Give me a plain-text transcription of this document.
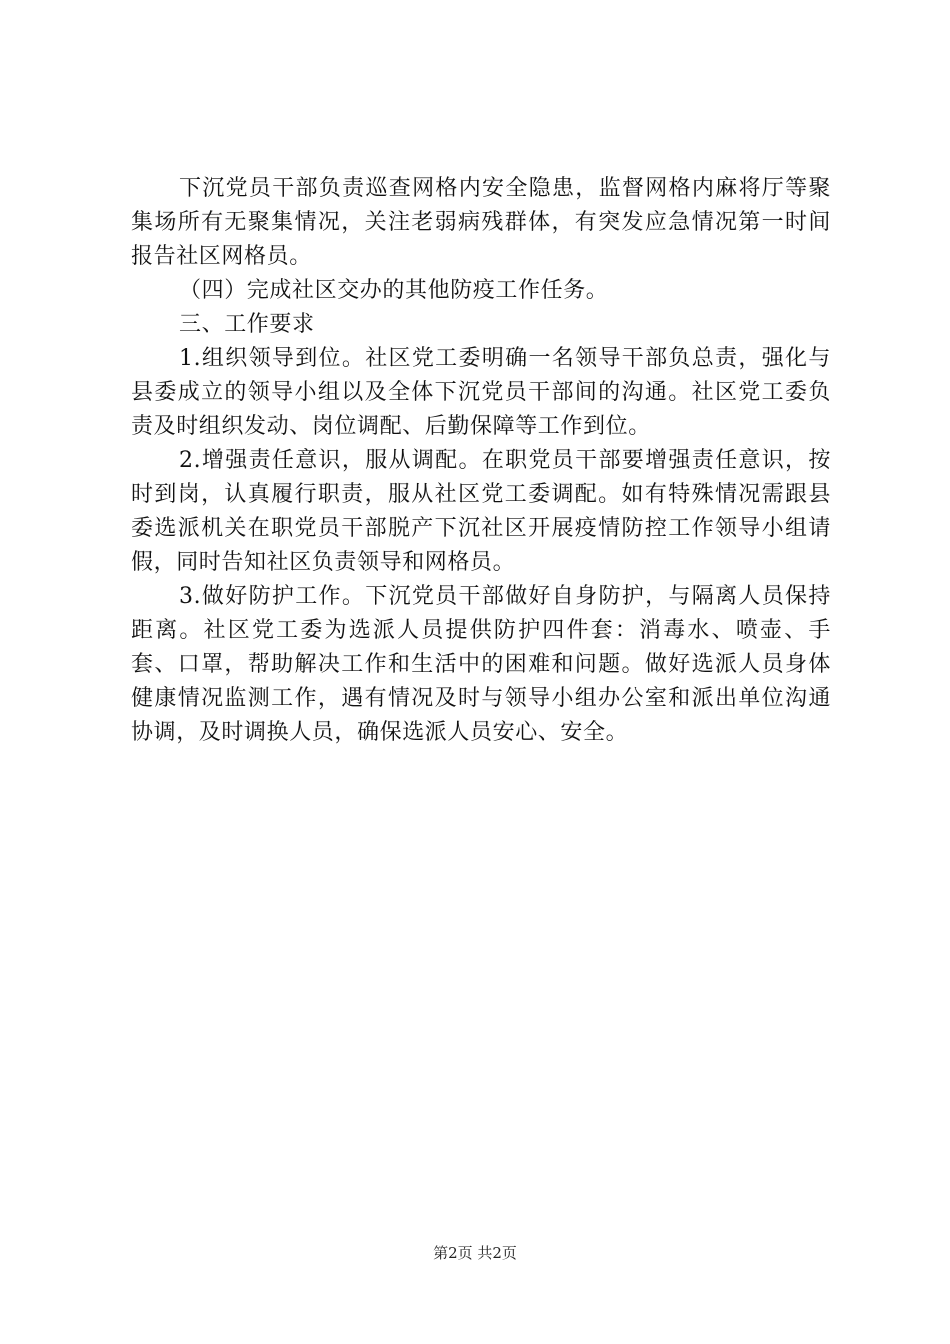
下沉党员干部负责巡查网格内安全隐患，监督网格内麻将厅等聚集场所有无聚集情况，关注老弱病残群体，有突发应急情况第一时间报告社区网格员。

（四）完成社区交办的其他防疫工作任务。

三、工作要求

1.组织领导到位。社区党工委明确一名领导干部负总责，强化与县委成立的领导小组以及全体下沉党员干部间的沟通。社区党工委负责及时组织发动、岗位调配、后勤保障等工作到位。

2.增强责任意识，服从调配。在职党员干部要增强责任意识，按时到岗，认真履行职责，服从社区党工委调配。如有特殊情况需跟县委选派机关在职党员干部脱产下沉社区开展疫情防控工作领导小组请假，同时告知社区负责领导和网格员。

3.做好防护工作。下沉党员干部做好自身防护，与隔离人员保持距离。社区党工委为选派人员提供防护四件套：消毒水、喷壶、手套、口罩，帮助解决工作和生活中的困难和问题。做好选派人员身体健康情况监测工作，遇有情况及时与领导小组办公室和派出单位沟通协调，及时调换人员，确保选派人员安心、安全。

第2页 共2页
